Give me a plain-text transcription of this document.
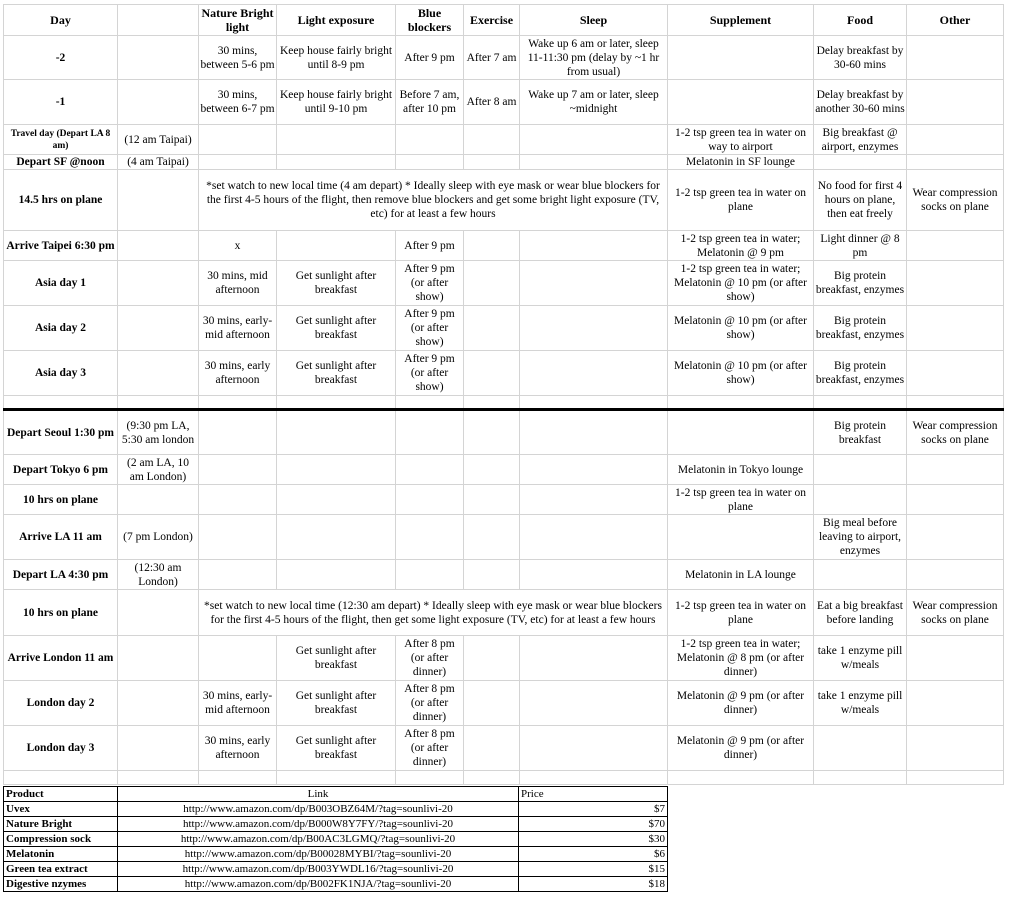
Day		Nature Bright light	Light exposure	Blue blockers	Exercise	Sleep	Supplement	Food	Other
-2		30 mins, between 5-6 pm	Keep house fairly bright until 8-9 pm	After 9 pm	After 7 am	Wake up 6 am or later, sleep 11-11:30 pm (delay by ~1 hr from usual)		Delay breakfast by 30-60 mins	
-1		30 mins, between 6-7 pm	Keep house fairly bright until 9-10 pm	Before 7 am, after 10 pm	After 8 am	Wake up 7 am or later, sleep ~midnight		Delay breakfast by another 30-60 mins	
Travel day (Depart LA 8 am)	(12 am Taipai)						1-2 tsp green tea in water on way to airport	Big breakfast @ airport, enzymes	
Depart SF @noon	(4 am Taipai)						Melatonin in SF lounge		
14.5 hrs on plane		*set watch to new local time (4 am depart) * Ideally sleep with eye mask or wear blue blockers for the first 4-5 hours of the flight, then remove blue blockers and get some bright light exposure (TV, etc) for at least a few hours					1-2 tsp green tea in water on plane	No food for first 4 hours on plane, then eat freely	Wear compression socks on plane
Arrive Taipei 6:30 pm		x		After 9 pm			1-2 tsp green tea in water; Melatonin @ 9 pm	Light dinner @ 8 pm	
Asia day 1		30 mins, mid afternoon	Get sunlight after breakfast	After 9 pm (or after show)			1-2 tsp green tea in water; Melatonin @ 10 pm (or after show)	Big protein breakfast, enzymes	
Asia day 2		30 mins, early-mid afternoon	Get sunlight after breakfast	After 9 pm (or after show)			Melatonin @ 10 pm (or after show)	Big protein breakfast, enzymes	
Asia day 3		30 mins, early afternoon	Get sunlight after breakfast	After 9 pm (or after show)			Melatonin @ 10 pm (or after show)	Big protein breakfast, enzymes	

Depart Seoul 1:30 pm	(9:30 pm LA, 5:30 am london							Big protein breakfast	Wear compression socks on plane
Depart Tokyo 6 pm	(2 am LA, 10 am London)						Melatonin in Tokyo lounge		
10 hrs on plane							1-2 tsp green tea in water on plane		
Arrive LA 11 am	(7 pm London)							Big meal before leaving to airport, enzymes	
Depart LA 4:30 pm	(12:30 am London)						Melatonin in LA lounge		
10 hrs on plane		*set watch to new local time (12:30 am depart) * Ideally sleep with eye mask or wear blue blockers for the first 4-5 hours of the flight, then get some light exposure (TV, etc) for at least a few hours					1-2 tsp green tea in water on plane	Eat a big breakfast before landing	Wear compression socks on plane
Arrive London 11 am			Get sunlight after breakfast	After 8 pm (or after dinner)			1-2 tsp green tea in water; Melatonin @ 8 pm (or after dinner)	take 1 enzyme pill w/meals	
London day 2		30 mins, early-mid afternoon	Get sunlight after breakfast	After 8 pm (or after dinner)			Melatonin @ 9 pm (or after dinner)	take 1 enzyme pill w/meals	
London day 3		30 mins, early afternoon	Get sunlight after breakfast	After 8 pm (or after dinner)			Melatonin @ 9 pm (or after dinner)		

Product	Link	Price
Uvex	http://www.amazon.com/dp/B003OBZ64M/?tag=sounlivi-20	$7
Nature Bright	http://www.amazon.com/dp/B000W8Y7FY/?tag=sounlivi-20	$70
Compression sock	http://www.amazon.com/dp/B00AC3LGMQ/?tag=sounlivi-20	$30
Melatonin	http://www.amazon.com/dp/B00028MYBI/?tag=sounlivi-20	$6
Green tea extract	http://www.amazon.com/dp/B003YWDL16/?tag=sounlivi-20	$15
Digestive nzymes	http://www.amazon.com/dp/B002FK1NJA/?tag=sounlivi-20	$18
